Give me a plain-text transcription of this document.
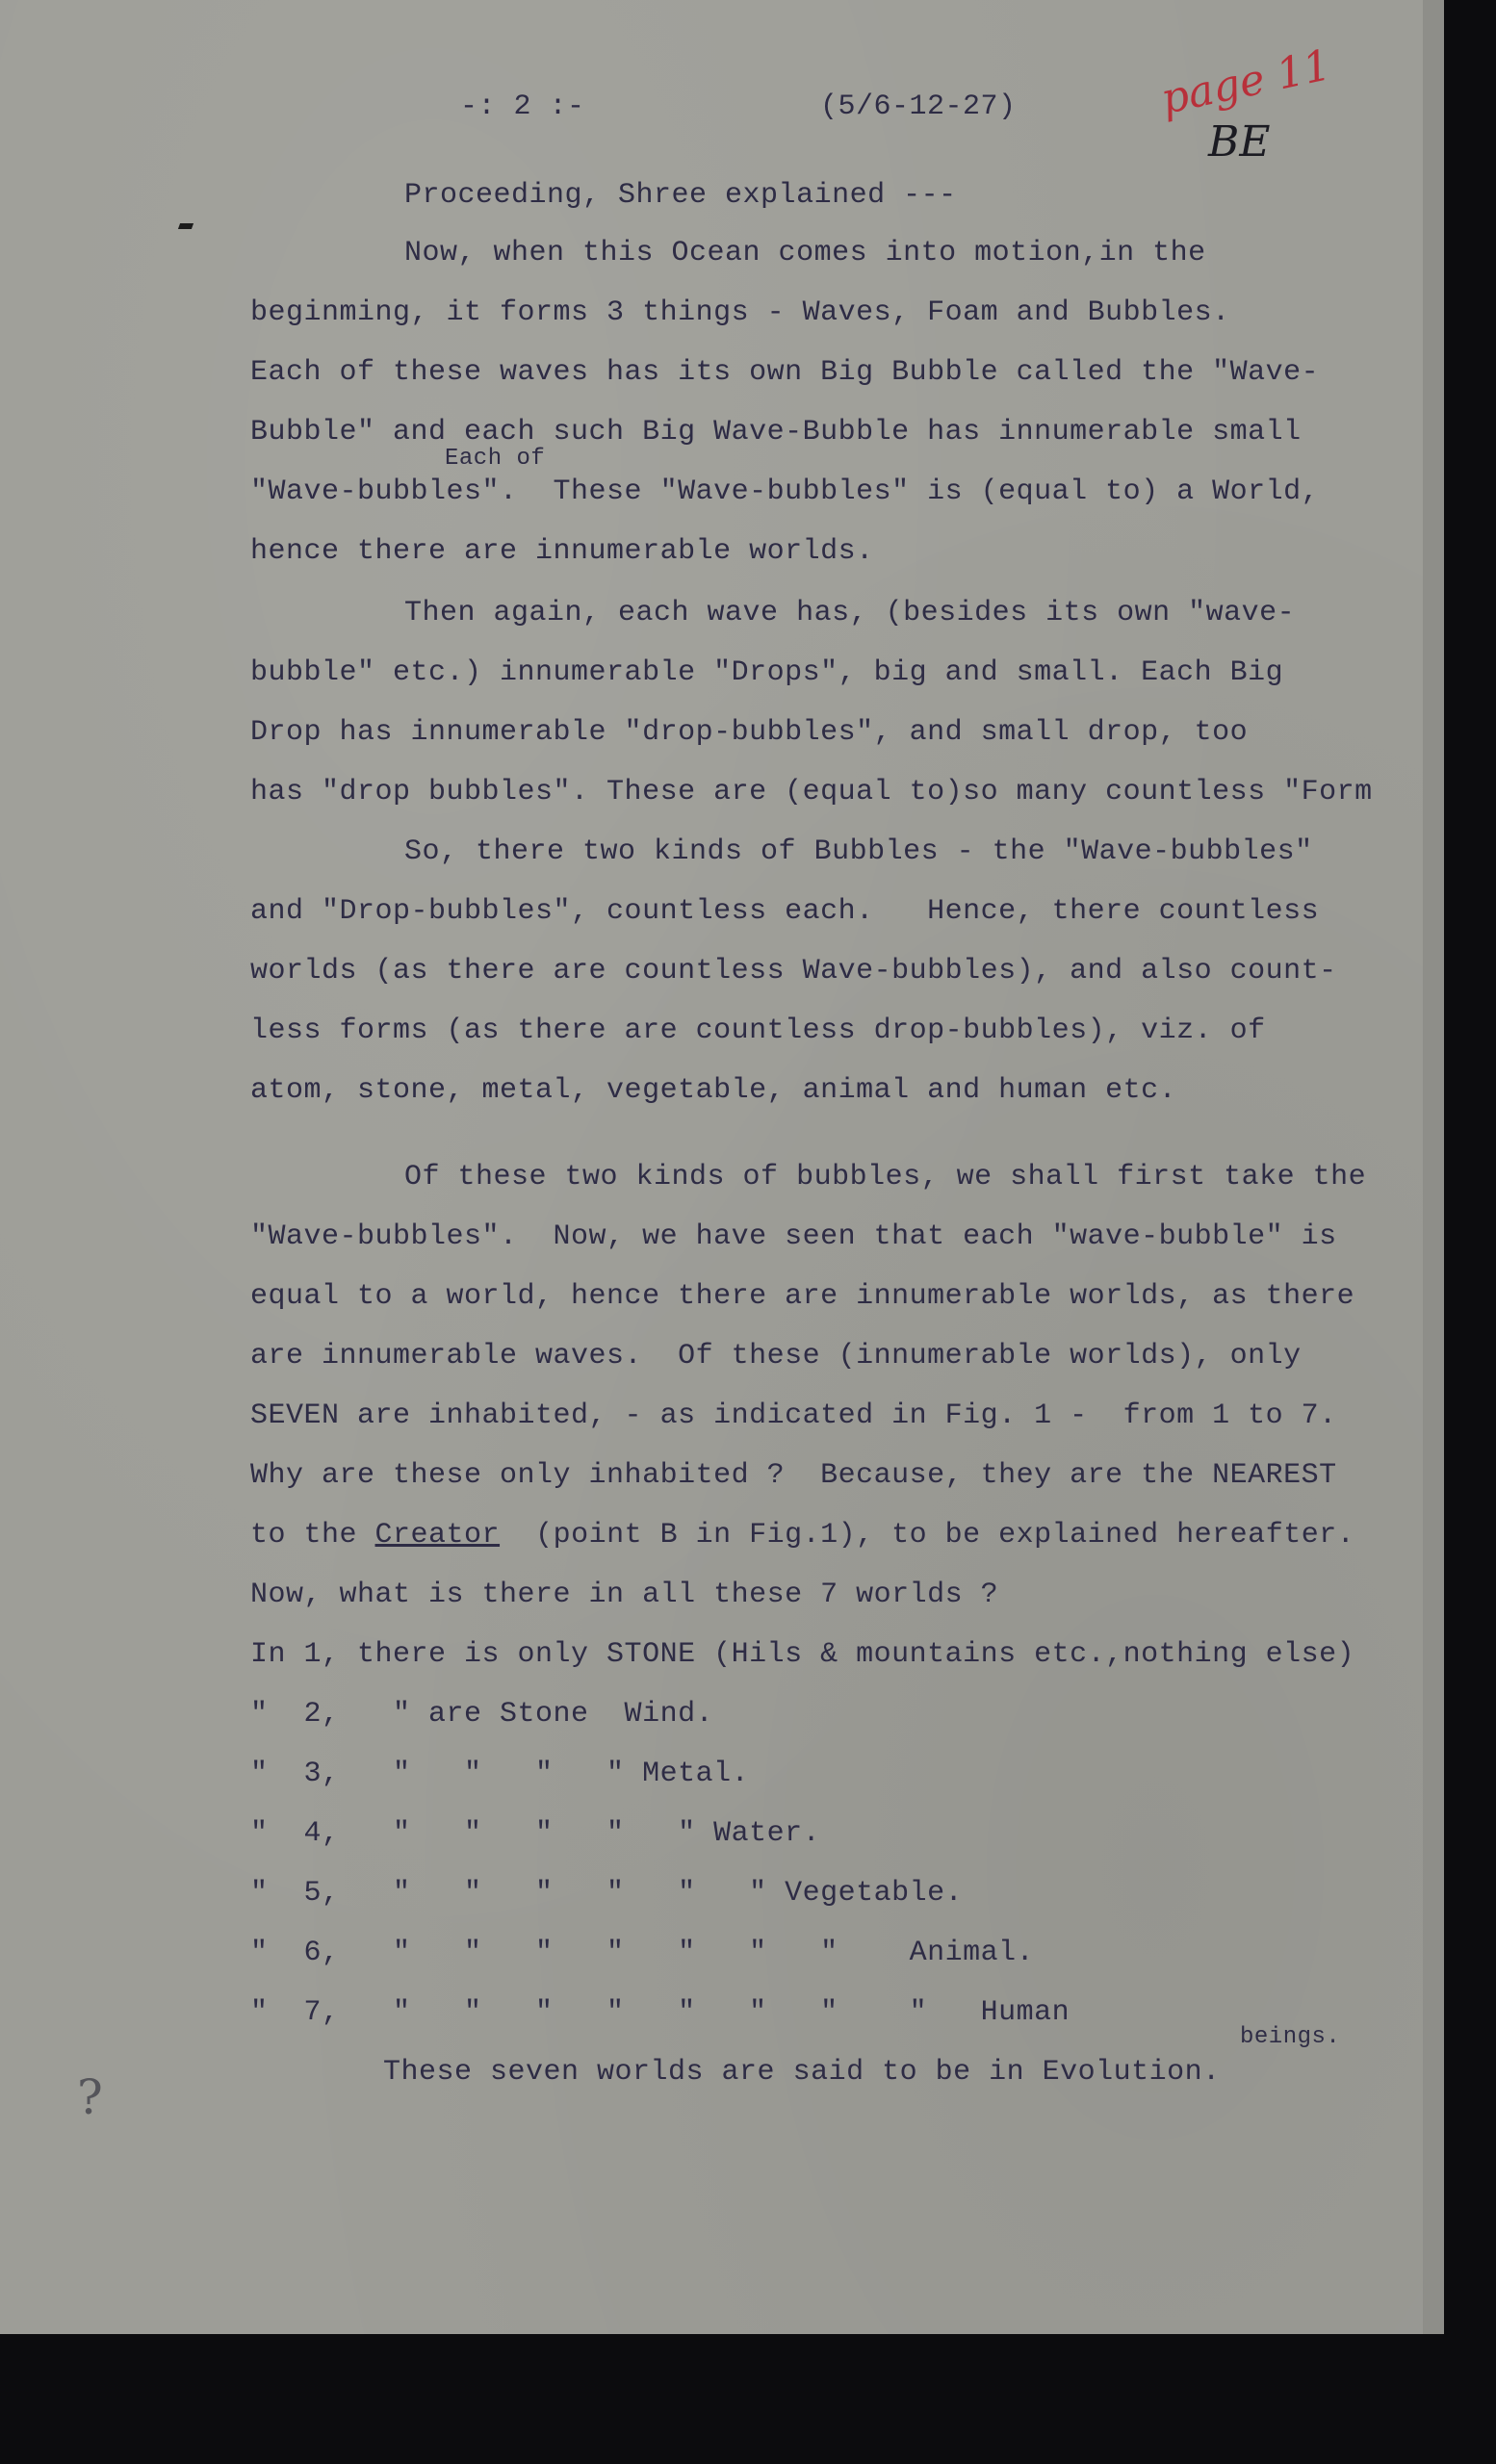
-: 2 :-	(5/6-12-27)	page 11
BE
Proceeding, Shree explained ---
Now, when this Ocean comes into motion,in the
beginming, it forms 3 things - Waves, Foam and Bubbles.
Each of these waves has its own Big Bubble called the "Wave-
Bubble" and each such Big Wave-Bubble has innumerable small
Each of
"Wave-bubbles".  These "Wave-bubbles" is (equal to) a World,
hence there are innumerable worlds.
Then again, each wave has, (besides its own "wave-
bubble" etc.) innumerable "Drops", big and small. Each Big
Drop has innumerable "drop-bubbles", and small drop, too
has "drop bubbles". These are (equal to)so many countless "Form
So, there two kinds of Bubbles - the "Wave-bubbles"
and "Drop-bubbles", countless each.   Hence, there countless
worlds (as there are countless Wave-bubbles), and also count-
less forms (as there are countless drop-bubbles), viz. of
atom, stone, metal, vegetable, animal and human etc.
Of these two kinds of bubbles, we shall first take the
"Wave-bubbles".  Now, we have seen that each "wave-bubble" is
equal to a world, hence there are innumerable worlds, as there
are innumerable waves.  Of these (innumerable worlds), only
SEVEN are inhabited, - as indicated in Fig. 1 -  from 1 to 7.
Why are these only inhabited ?  Because, they are the NEAREST
to the Creator  (point B in Fig.1), to be explained hereafter.
Now, what is there in all these 7 worlds ?
In 1, there is only STONE (Hils & mountains etc.,nothing else)
"  2,   " are Stone  Wind.
"  3,   "   "   "   " Metal.
"  4,   "   "   "   "   " Water.
"  5,   "   "   "   "   "   " Vegetable.
"  6,   "   "   "   "   "   "   "    Animal.
"  7,   "   "   "   "   "   "   "    "   Human
beings.
These seven worlds are said to be in Evolution.
?
